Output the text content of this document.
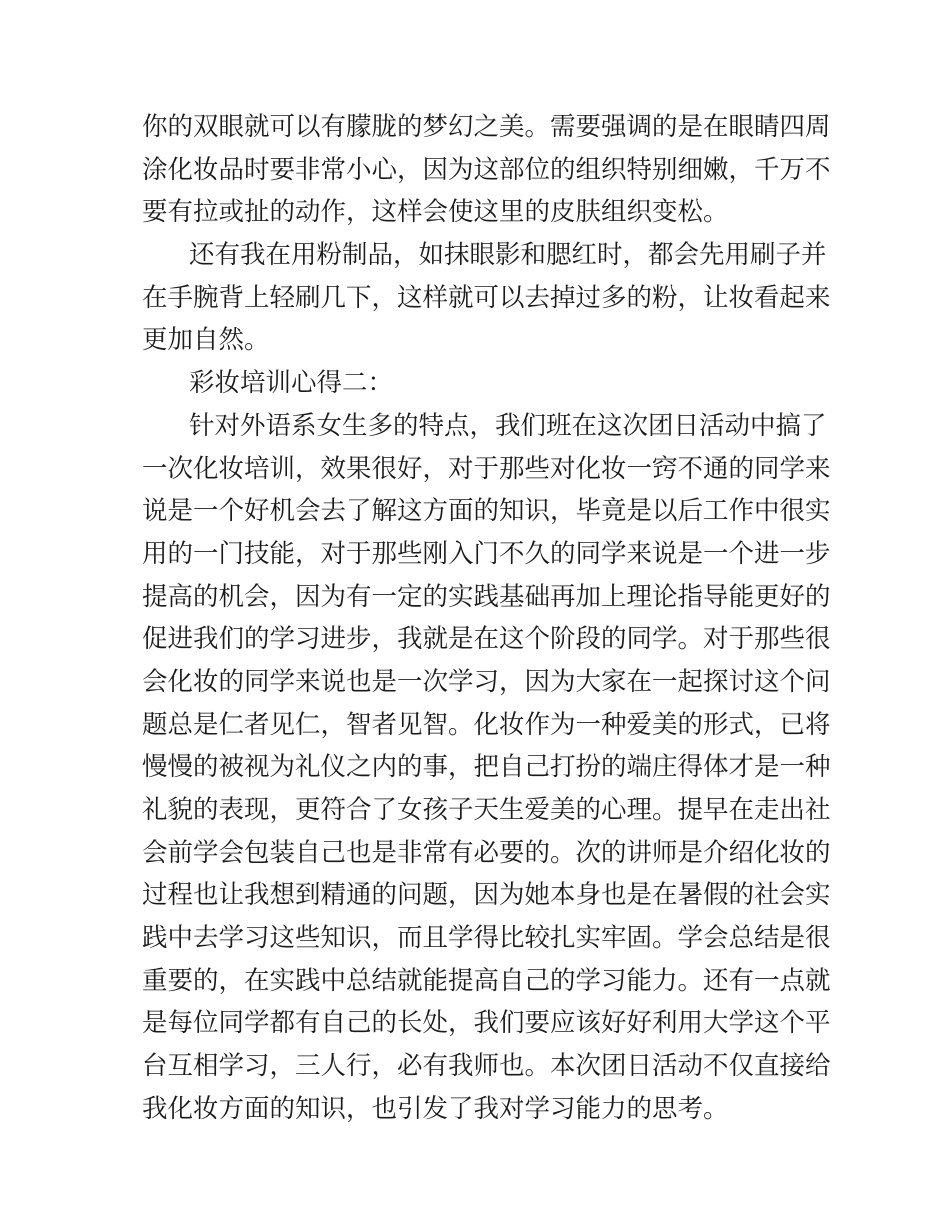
你的双眼就可以有朦胧的梦幻之美。需要强调的是在眼睛四周
涂化妆品时要非常小心，因为这部位的组织特别细嫩，千万不
要有拉或扯的动作，这样会使这里的皮肤组织变松。
还有我在用粉制品，如抹眼影和腮红时，都会先用刷子并
在手腕背上轻刷几下，这样就可以去掉过多的粉，让妆看起来
更加自然。
彩妆培训心得二：
针对外语系女生多的特点，我们班在这次团日活动中搞了
一次化妆培训，效果很好，对于那些对化妆一窍不通的同学来
说是一个好机会去了解这方面的知识，毕竟是以后工作中很实
用的一门技能，对于那些刚入门不久的同学来说是一个进一步
提高的机会，因为有一定的实践基础再加上理论指导能更好的
促进我们的学习进步，我就是在这个阶段的同学。对于那些很
会化妆的同学来说也是一次学习，因为大家在一起探讨这个问
题总是仁者见仁，智者见智。化妆作为一种爱美的形式，已将
慢慢的被视为礼仪之内的事，把自己打扮的端庄得体才是一种
礼貌的表现，更符合了女孩子天生爱美的心理。提早在走出社
会前学会包装自己也是非常有必要的。次的讲师是介绍化妆的
过程也让我想到精通的问题，因为她本身也是在暑假的社会实
践中去学习这些知识，而且学得比较扎实牢固。学会总结是很
重要的，在实践中总结就能提高自己的学习能力。还有一点就
是每位同学都有自己的长处，我们要应该好好利用大学这个平
台互相学习，三人行，必有我师也。本次团日活动不仅直接给
我化妆方面的知识，也引发了我对学习能力的思考。
